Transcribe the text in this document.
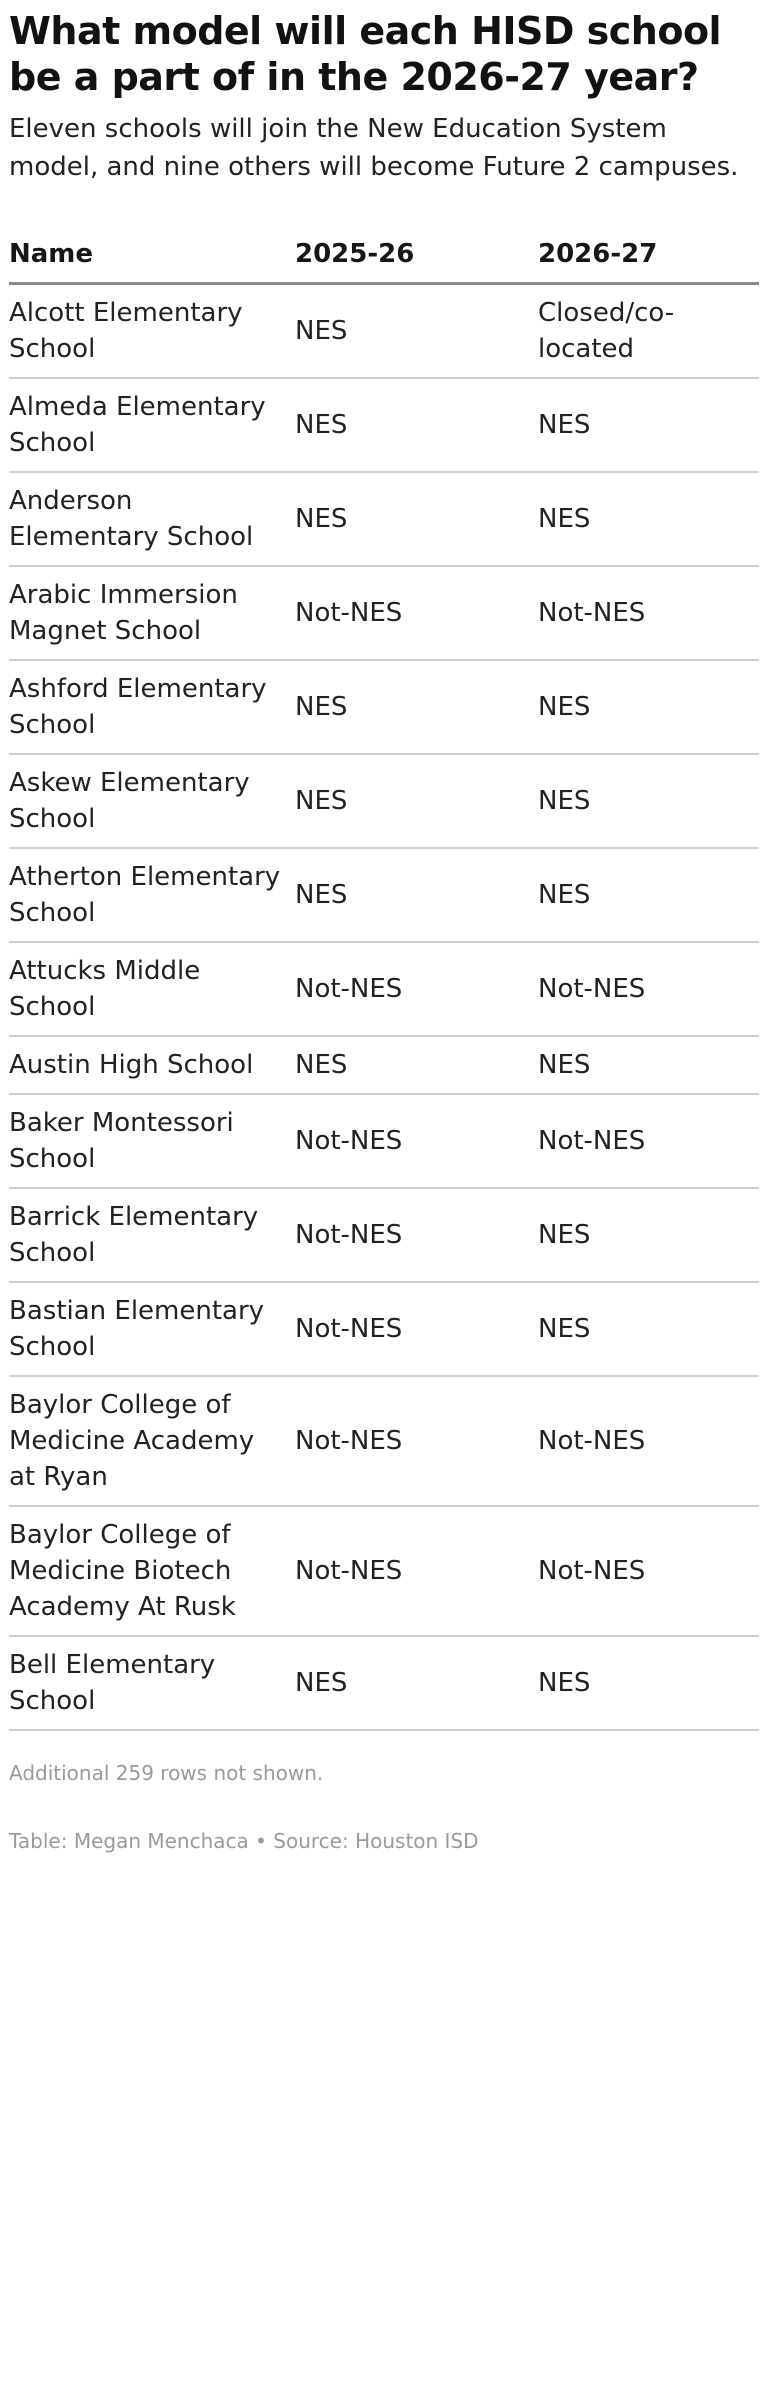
What model will each HISD school be a part of in the 2026-27 year?

Eleven schools will join the New Education System model, and nine others will become Future 2 campuses.

Name	2025-26	2026-27
Alcott Elementary School	NES	Closed/co-located
Almeda Elementary School	NES	NES
Anderson Elementary School	NES	NES
Arabic Immersion Magnet School	Not-NES	Not-NES
Ashford Elementary School	NES	NES
Askew Elementary School	NES	NES
Atherton Elementary School	NES	NES
Attucks Middle School	Not-NES	Not-NES
Austin High School	NES	NES
Baker Montessori School	Not-NES	Not-NES
Barrick Elementary School	Not-NES	NES
Bastian Elementary School	Not-NES	NES
Baylor College of Medicine Academy at Ryan	Not-NES	Not-NES
Baylor College of Medicine Biotech Academy At Rusk	Not-NES	Not-NES
Bell Elementary School	NES	NES

Additional 259 rows not shown.

Table: Megan Menchaca • Source: Houston ISD
